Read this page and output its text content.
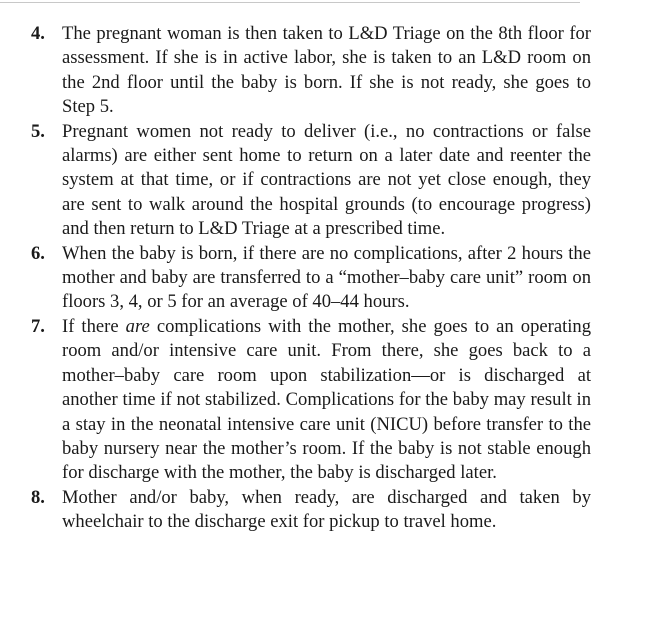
4. The pregnant woman is then taken to L&D Triage on the 8th floor for assessment. If she is in active labor, she is taken to an L&D room on the 2nd floor until the baby is born. If she is not ready, she goes to Step 5.
5. Pregnant women not ready to deliver (i.e., no contractions or false alarms) are either sent home to return on a later date and reenter the system at that time, or if contractions are not yet close enough, they are sent to walk around the hospital grounds (to encourage progress) and then return to L&D Triage at a prescribed time.
6. When the baby is born, if there are no complications, after 2 hours the mother and baby are transferred to a “mother–baby care unit” room on floors 3, 4, or 5 for an average of 40–44 hours.
7. If there are complications with the mother, she goes to an operating room and/or intensive care unit. From there, she goes back to a mother–baby care room upon stabilization—or is discharged at another time if not stabilized. Complications for the baby may result in a stay in the neonatal intensive care unit (NICU) before transfer to the baby nursery near the mother’s room. If the baby is not stable enough for discharge with the mother, the baby is discharged later.
8. Mother and/or baby, when ready, are discharged and taken by wheelchair to the discharge exit for pickup to travel home.
